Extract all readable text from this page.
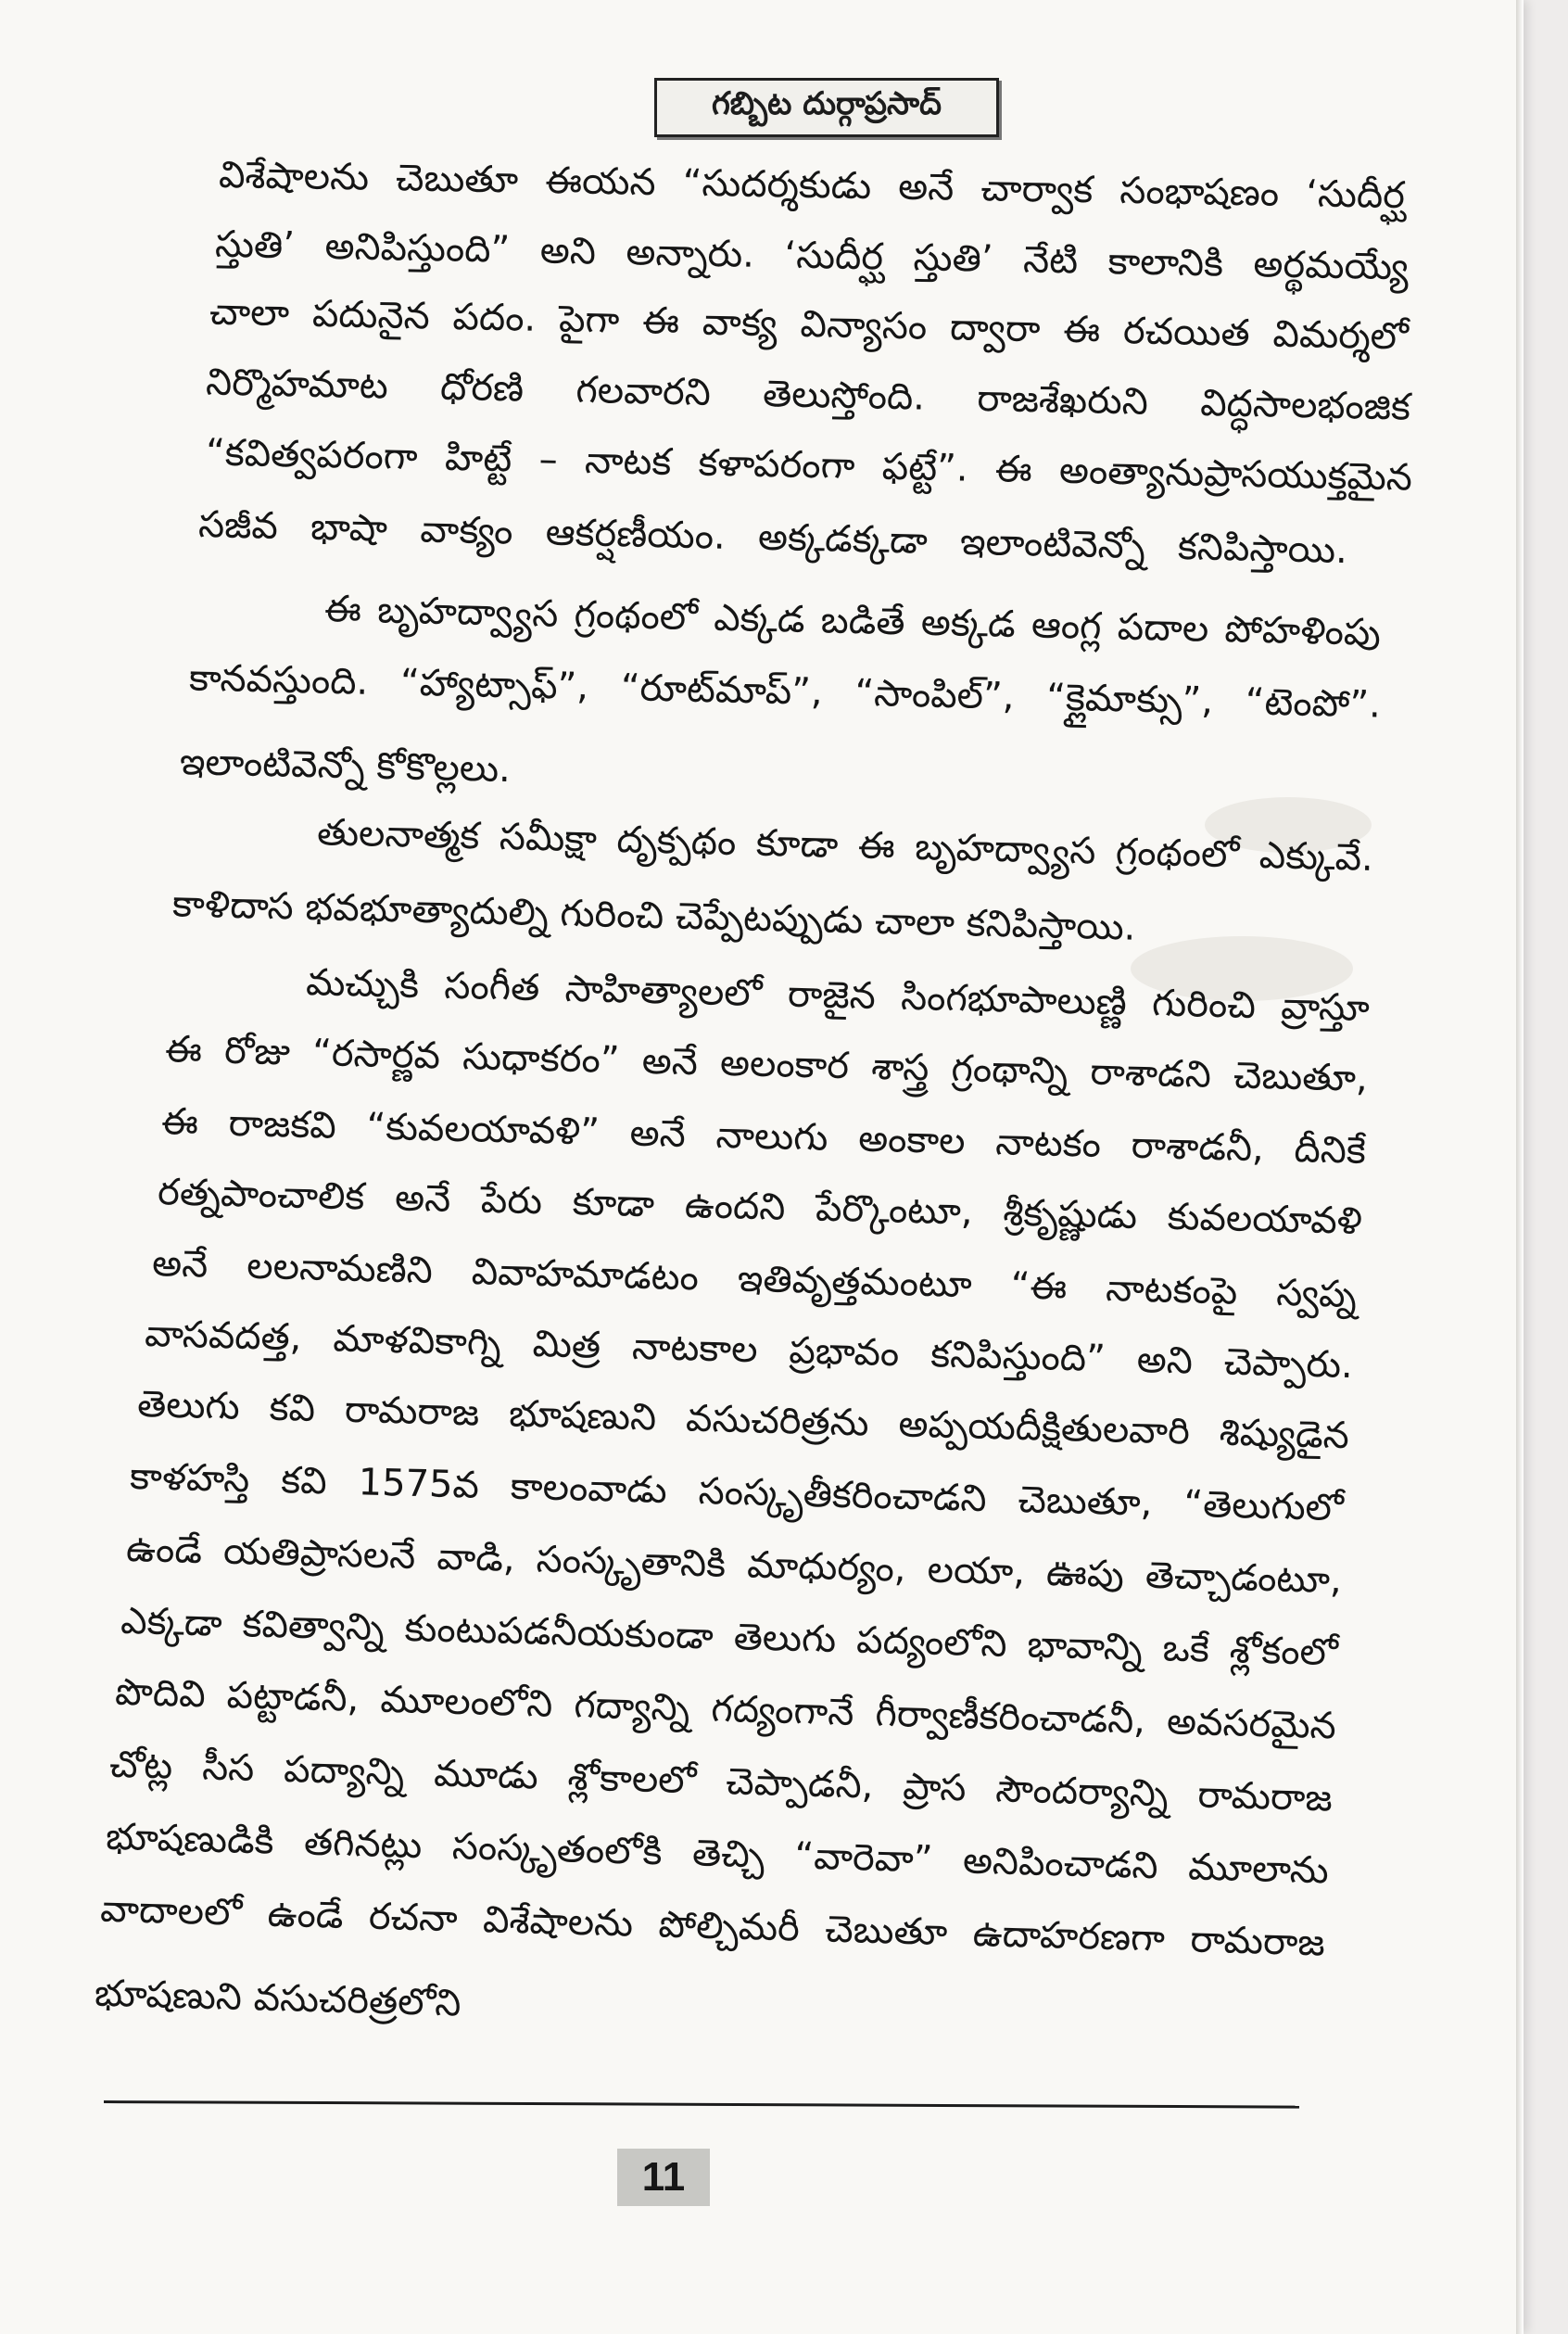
గబ్బిట దుర్గాప్రసాద్
విశేషాలను చెబుతూ ఈయన “సుదర్శకుడు అనే చార్వాక సంభాషణం ‘సుదీర్ఘ
స్తుతి’ అనిపిస్తుంది” అని అన్నారు. ‘సుదీర్ఘ స్తుతి’ నేటి కాలానికి అర్థమయ్యే
చాలా పదునైన పదం. పైగా ఈ వాక్య విన్యాసం ద్వారా ఈ రచయిత విమర్శలో
నిర్మొహమాట ధోరణి గలవారని తెలుస్తోంది. రాజశేఖరుని విద్ధసాలభంజిక
“కవిత్వపరంగా హిట్టే – నాటక కళాపరంగా ఫట్టే”. ఈ అంత్యానుప్రాసయుక్తమైన
సజీవ భాషా వాక్యం ఆకర్షణీయం. అక్కడక్కడా ఇలాంటివెన్నో కనిపిస్తాయి.
ఈ బృహద్వ్యాస గ్రంథంలో ఎక్కడ బడితే అక్కడ ఆంగ్ల పదాల పోహళింపు
కానవస్తుంది. “హ్యాట్సాఫ్”, “రూట్‌మాప్”, “సాంపిల్”, “క్లైమాక్సు”, “టెంపో”.
ఇలాంటివెన్నో కోకొల్లలు.
తులనాత్మక సమీక్షా దృక్పథం కూడా ఈ బృహద్వ్యాస గ్రంథంలో ఎక్కువే.
కాళిదాస భవభూత్యాదుల్ని గురించి చెప్పేటప్పుడు చాలా కనిపిస్తాయి.
మచ్చుకి సంగీత సాహిత్యాలలో రాజైన సింగభూపాలుణ్ణి గురించి వ్రాస్తూ
ఈ రోజు “రసార్ణవ సుధాకరం” అనే అలంకార శాస్త్ర గ్రంథాన్ని రాశాడని చెబుతూ,
ఈ రాజకవి “కువలయావళి” అనే నాలుగు అంకాల నాటకం రాశాడనీ, దీనికే
రత్నపాంచాలిక అనే పేరు కూడా ఉందని పేర్కొంటూ, శ్రీకృష్ణుడు కువలయావళి
అనే లలనామణిని వివాహమాడటం ఇతివృత్తమంటూ “ఈ నాటకంపై స్వప్న
వాసవదత్త, మాళవికాగ్ని మిత్ర నాటకాల ప్రభావం కనిపిస్తుంది” అని చెప్పారు.
తెలుగు కవి రామరాజ భూషణుని వసుచరిత్రను అప్పయదీక్షితులవారి శిష్యుడైన
కాళహస్తి కవి 1575వ కాలంవాడు సంస్కృతీకరించాడని చెబుతూ, “తెలుగులో
ఉండే యతిప్రాసలనే వాడి, సంస్కృతానికి మాధుర్యం, లయా, ఊపు తెచ్చాడంటూ,
ఎక్కడా కవిత్వాన్ని కుంటుపడనీయకుండా తెలుగు పద్యంలోని భావాన్ని ఒకే శ్లోకంలో
పొదివి పట్టాడనీ, మూలంలోని గద్యాన్ని గద్యంగానే గీర్వాణీకరించాడనీ, అవసరమైన
చోట్ల సీస పద్యాన్ని మూడు శ్లోకాలలో చెప్పాడనీ, ప్రాస సౌందర్యాన్ని రామరాజ
భూషణుడికి తగినట్లు సంస్కృతంలోకి తెచ్చి “వారెవా” అనిపించాడని మూలాను
వాదాలలో ఉండే రచనా విశేషాలను పోల్చిమరీ చెబుతూ ఉదాహరణగా రామరాజ
భూషణుని వసుచరిత్రలోని
11
